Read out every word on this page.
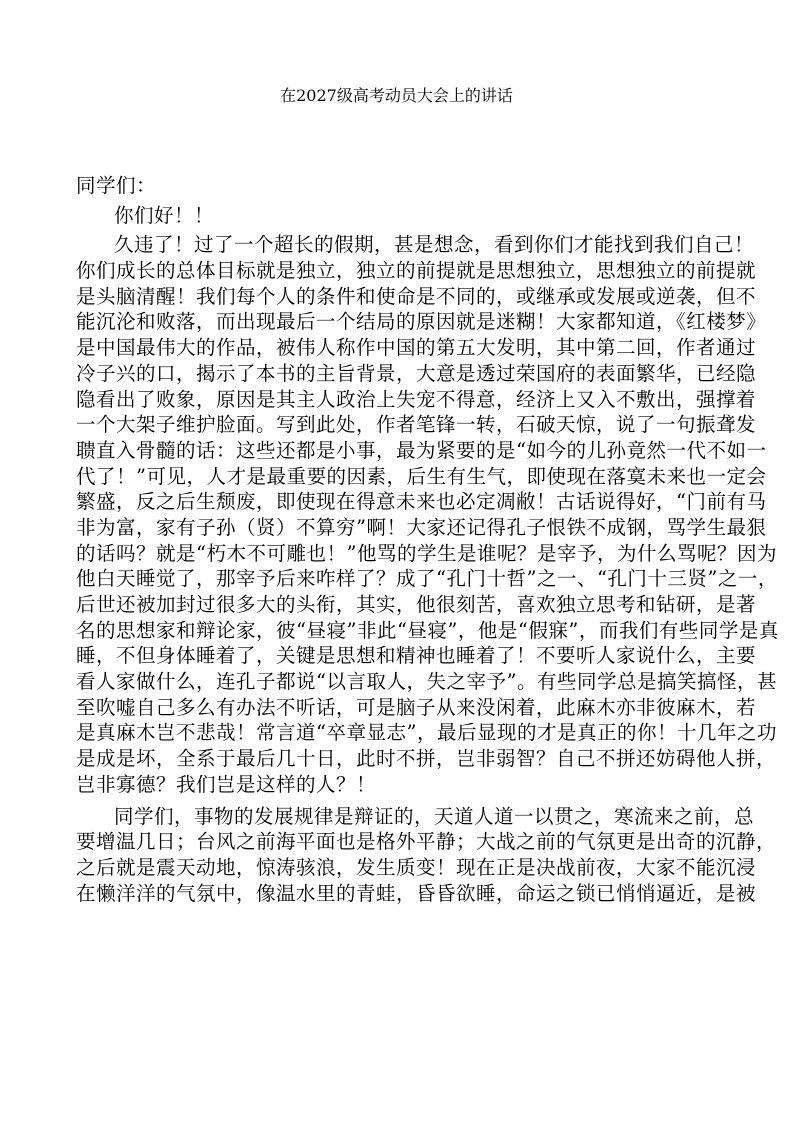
在2027级高考动员大会上的讲话
同学们：
你们好！！
久违了！过了一个超长的假期，甚是想念，看到你们才能找到我们自己！
你们成长的总体目标就是独立，独立的前提就是思想独立，思想独立的前提就
是头脑清醒！我们每个人的条件和使命是不同的，或继承或发展或逆袭，但不
能沉沦和败落，而出现最后一个结局的原因就是迷糊！大家都知道，《红楼梦》
是中国最伟大的作品，被伟人称作中国的第五大发明，其中第二回，作者通过
冷子兴的口，揭示了本书的主旨背景，大意是透过荣国府的表面繁华，已经隐
隐看出了败象，原因是其主人政治上失宠不得意，经济上又入不敷出，强撑着
一个大架子维护脸面。写到此处，作者笔锋一转，石破天惊，说了一句振聋发
聩直入骨髓的话：这些还都是小事，最为紧要的是“如今的儿孙竟然一代不如一
代了！”可见，人才是最重要的因素，后生有生气，即使现在落寞未来也一定会
繁盛，反之后生颓废，即使现在得意未来也必定凋敝！古话说得好，“门前有马
非为富，家有子孙（贤）不算穷”啊！大家还记得孔子恨铁不成钢，骂学生最狠
的话吗？就是“朽木不可雕也！”他骂的学生是谁呢？是宰予，为什么骂呢？因为
他白天睡觉了，那宰予后来咋样了？成了“孔门十哲”之一、“孔门十三贤”之一，
后世还被加封过很多大的头衔，其实，他很刻苦，喜欢独立思考和钻研，是著
名的思想家和辩论家，彼“昼寝”非此“昼寝”，他是“假寐”，而我们有些同学是真
睡，不但身体睡着了，关键是思想和精神也睡着了！不要听人家说什么，主要
看人家做什么，连孔子都说“以言取人，失之宰予”。有些同学总是搞笑搞怪，甚
至吹嘘自己多么有办法不听话，可是脑子从来没闲着，此麻木亦非彼麻木，若
是真麻木岂不悲哉！常言道“卒章显志”，最后显现的才是真正的你！十几年之功
是成是坏，全系于最后几十日，此时不拼，岂非弱智？自己不拼还妨碍他人拼，
岂非寡德？我们岂是这样的人？！
同学们，事物的发展规律是辩证的，天道人道一以贯之，寒流来之前，总
要增温几日；台风之前海平面也是格外平静；大战之前的气氛更是出奇的沉静，
之后就是震天动地，惊涛骇浪，发生质变！现在正是决战前夜，大家不能沉浸
在懒洋洋的气氛中，像温水里的青蛙，昏昏欲睡，命运之锁已悄悄逼近，是被
